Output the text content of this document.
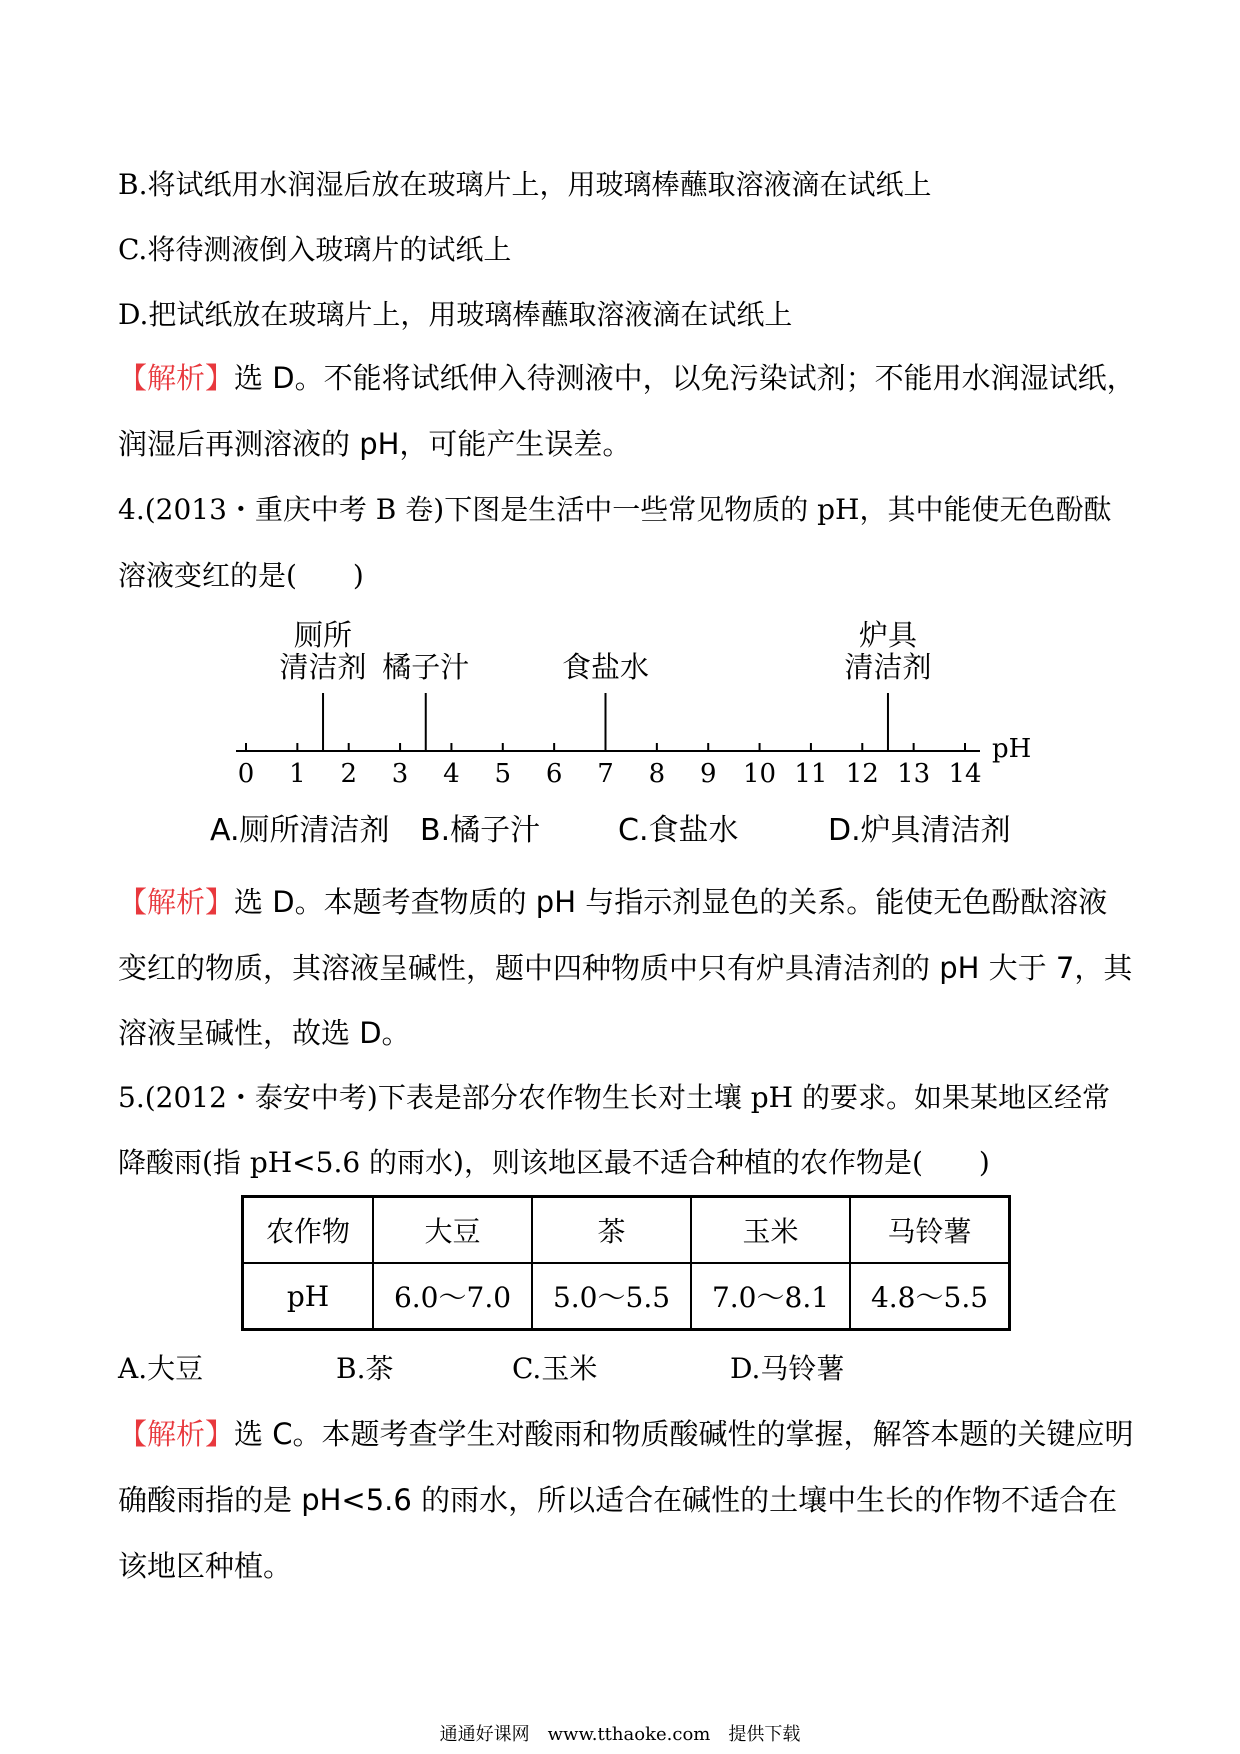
B.将试纸用水润湿后放在玻璃片上，用玻璃棒蘸取溶液滴在试纸上
C.将待测液倒入玻璃片的试纸上
D.把试纸放在玻璃片上，用玻璃棒蘸取溶液滴在试纸上
【解析】选 D。不能将试纸伸入待测液中，以免污染试剂；不能用水润湿试纸，
润湿后再测溶液的 pH，可能产生误差。
4.(2013・重庆中考 B 卷)下图是生活中一些常见物质的 pH，其中能使无色酚酞
溶液变红的是(　　)
0 1 2 3 4 5 6 7 8 9 10 11 12 13 14
pH
清洁剂
厕所
橘子汁	食盐水	清洁剂
炉具
A.厕所清洁剂 B.橘子汁	C.食盐水	D.炉具清洁剂
【解析】选 D。本题考查物质的 pH 与指示剂显色的关系。能使无色酚酞溶液
变红的物质，其溶液呈碱性，题中四种物质中只有炉具清洁剂的 pH 大于 7，其
溶液呈碱性，故选 D。
5.(2012・泰安中考)下表是部分农作物生长对土壤 pH 的要求。如果某地区经常
降酸雨(指 pH<5.6 的雨水)，则该地区最不适合种植的农作物是(　　)
农作物	大豆	茶	玉米	马铃薯
pH	6.0～7.0	5.0～5.5	7.0～8.1	4.8～5.5
A.大豆	B.茶	C.玉米	D.马铃薯
【解析】选 C。本题考查学生对酸雨和物质酸碱性的掌握，解答本题的关键应明
确酸雨指的是 pH<5.6 的雨水，所以适合在碱性的土壤中生长的作物不适合在
该地区种植。
通通好课网　www.tthaoke.com　提供下载
